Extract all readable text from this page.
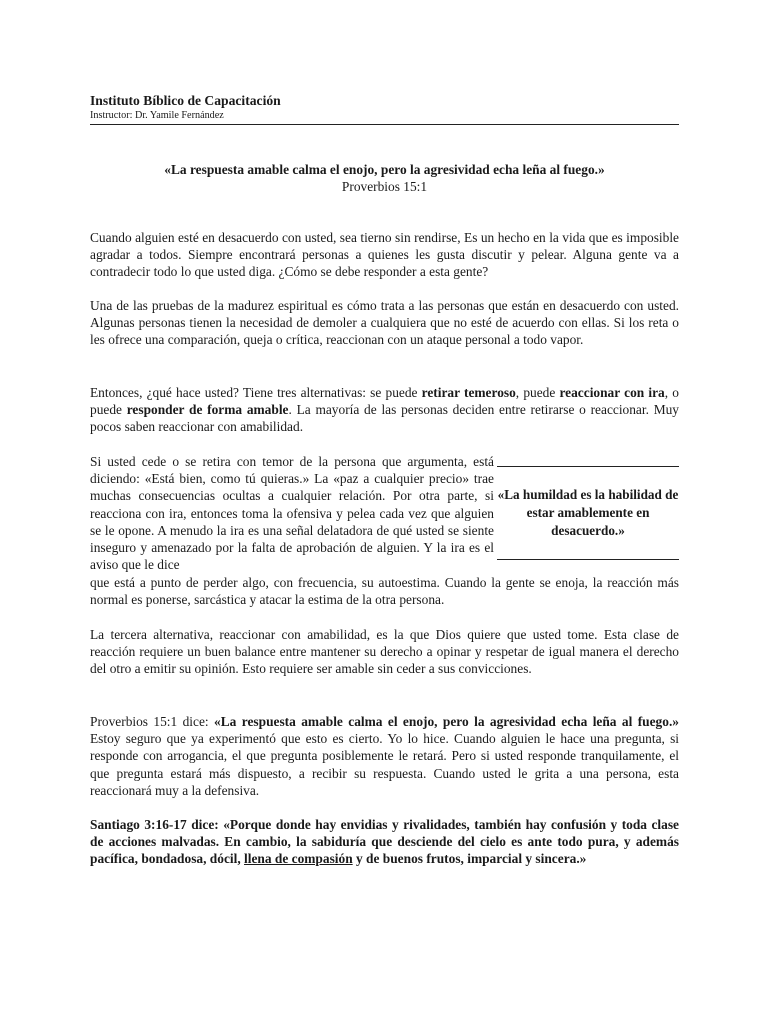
Instituto Bíblico de Capacitación
Instructor: Dr. Yamile Fernández
«La respuesta amable calma el enojo, pero la agresividad echa leña al fuego.»
Proverbios 15:1

Cuando alguien esté en desacuerdo con usted, sea tierno sin rendirse, Es un hecho en la vida que es imposible agradar a todos. Siempre encontrará personas a quienes les gusta discutir y pelear. Alguna gente va a contradecir todo lo que usted diga. ¿Cómo se debe responder a esta gente?

Una de las pruebas de la madurez espiritual es cómo trata a las personas que están en desacuerdo con usted. Algunas personas tienen la necesidad de demoler a cualquiera que no esté de acuerdo con ellas. Si los reta o les ofrece una comparación, queja o crítica, reaccionan con un ataque personal a todo vapor.

Entonces, ¿qué hace usted? Tiene tres alternativas: se puede retirar temeroso, puede reaccionar con ira, o puede responder de forma amable. La mayoría de las personas deciden entre retirarse o reaccionar. Muy pocos saben reaccionar con amabilidad.

Si usted cede o se retira con temor de la persona que argumenta, está diciendo: «Está bien, como tú quieras.» La «paz a cualquier precio» trae muchas consecuencias ocultas a cualquier relación. Por otra parte, si reacciona con ira, entonces toma la ofensiva y pelea cada vez que alguien se le opone. A menudo la ira es una señal delatadora de qué usted se siente inseguro y amenazado por la falta de aprobación de alguien. Y la ira es el aviso que le dice

«La humildad es la habilidad de estar amablemente en desacuerdo.»

que está a punto de perder algo, con frecuencia, su autoestima. Cuando la gente se enoja, la reacción más normal es ponerse, sarcástica y atacar la estima de la otra persona.

La tercera alternativa, reaccionar con amabilidad, es la que Dios quiere que usted tome. Esta clase de reacción requiere un buen balance entre mantener su derecho a opinar y respetar de igual manera el derecho del otro a emitir su opinión. Esto requiere ser amable sin ceder a sus convicciones.

Proverbios 15:1 dice: «La respuesta amable calma el enojo, pero la agresividad echa leña al fuego.» Estoy seguro que ya experimentó que esto es cierto. Yo lo hice. Cuando alguien le hace una pregunta, si responde con arrogancia, el que pregunta posiblemente le retará. Pero si usted responde tranquilamente, el que pregunta estará más dispuesto, a recibir su respuesta. Cuando usted le grita a una persona, esta reaccionará muy a la defensiva.

Santiago 3:16-17 dice: «Porque donde hay envidias y rivalidades, también hay confusión y toda clase de acciones malvadas. En cambio, la sabiduría que desciende del cielo es ante todo pura, y además pacífica, bondadosa, dócil, llena de compasión y de buenos frutos, imparcial y sincera.»
